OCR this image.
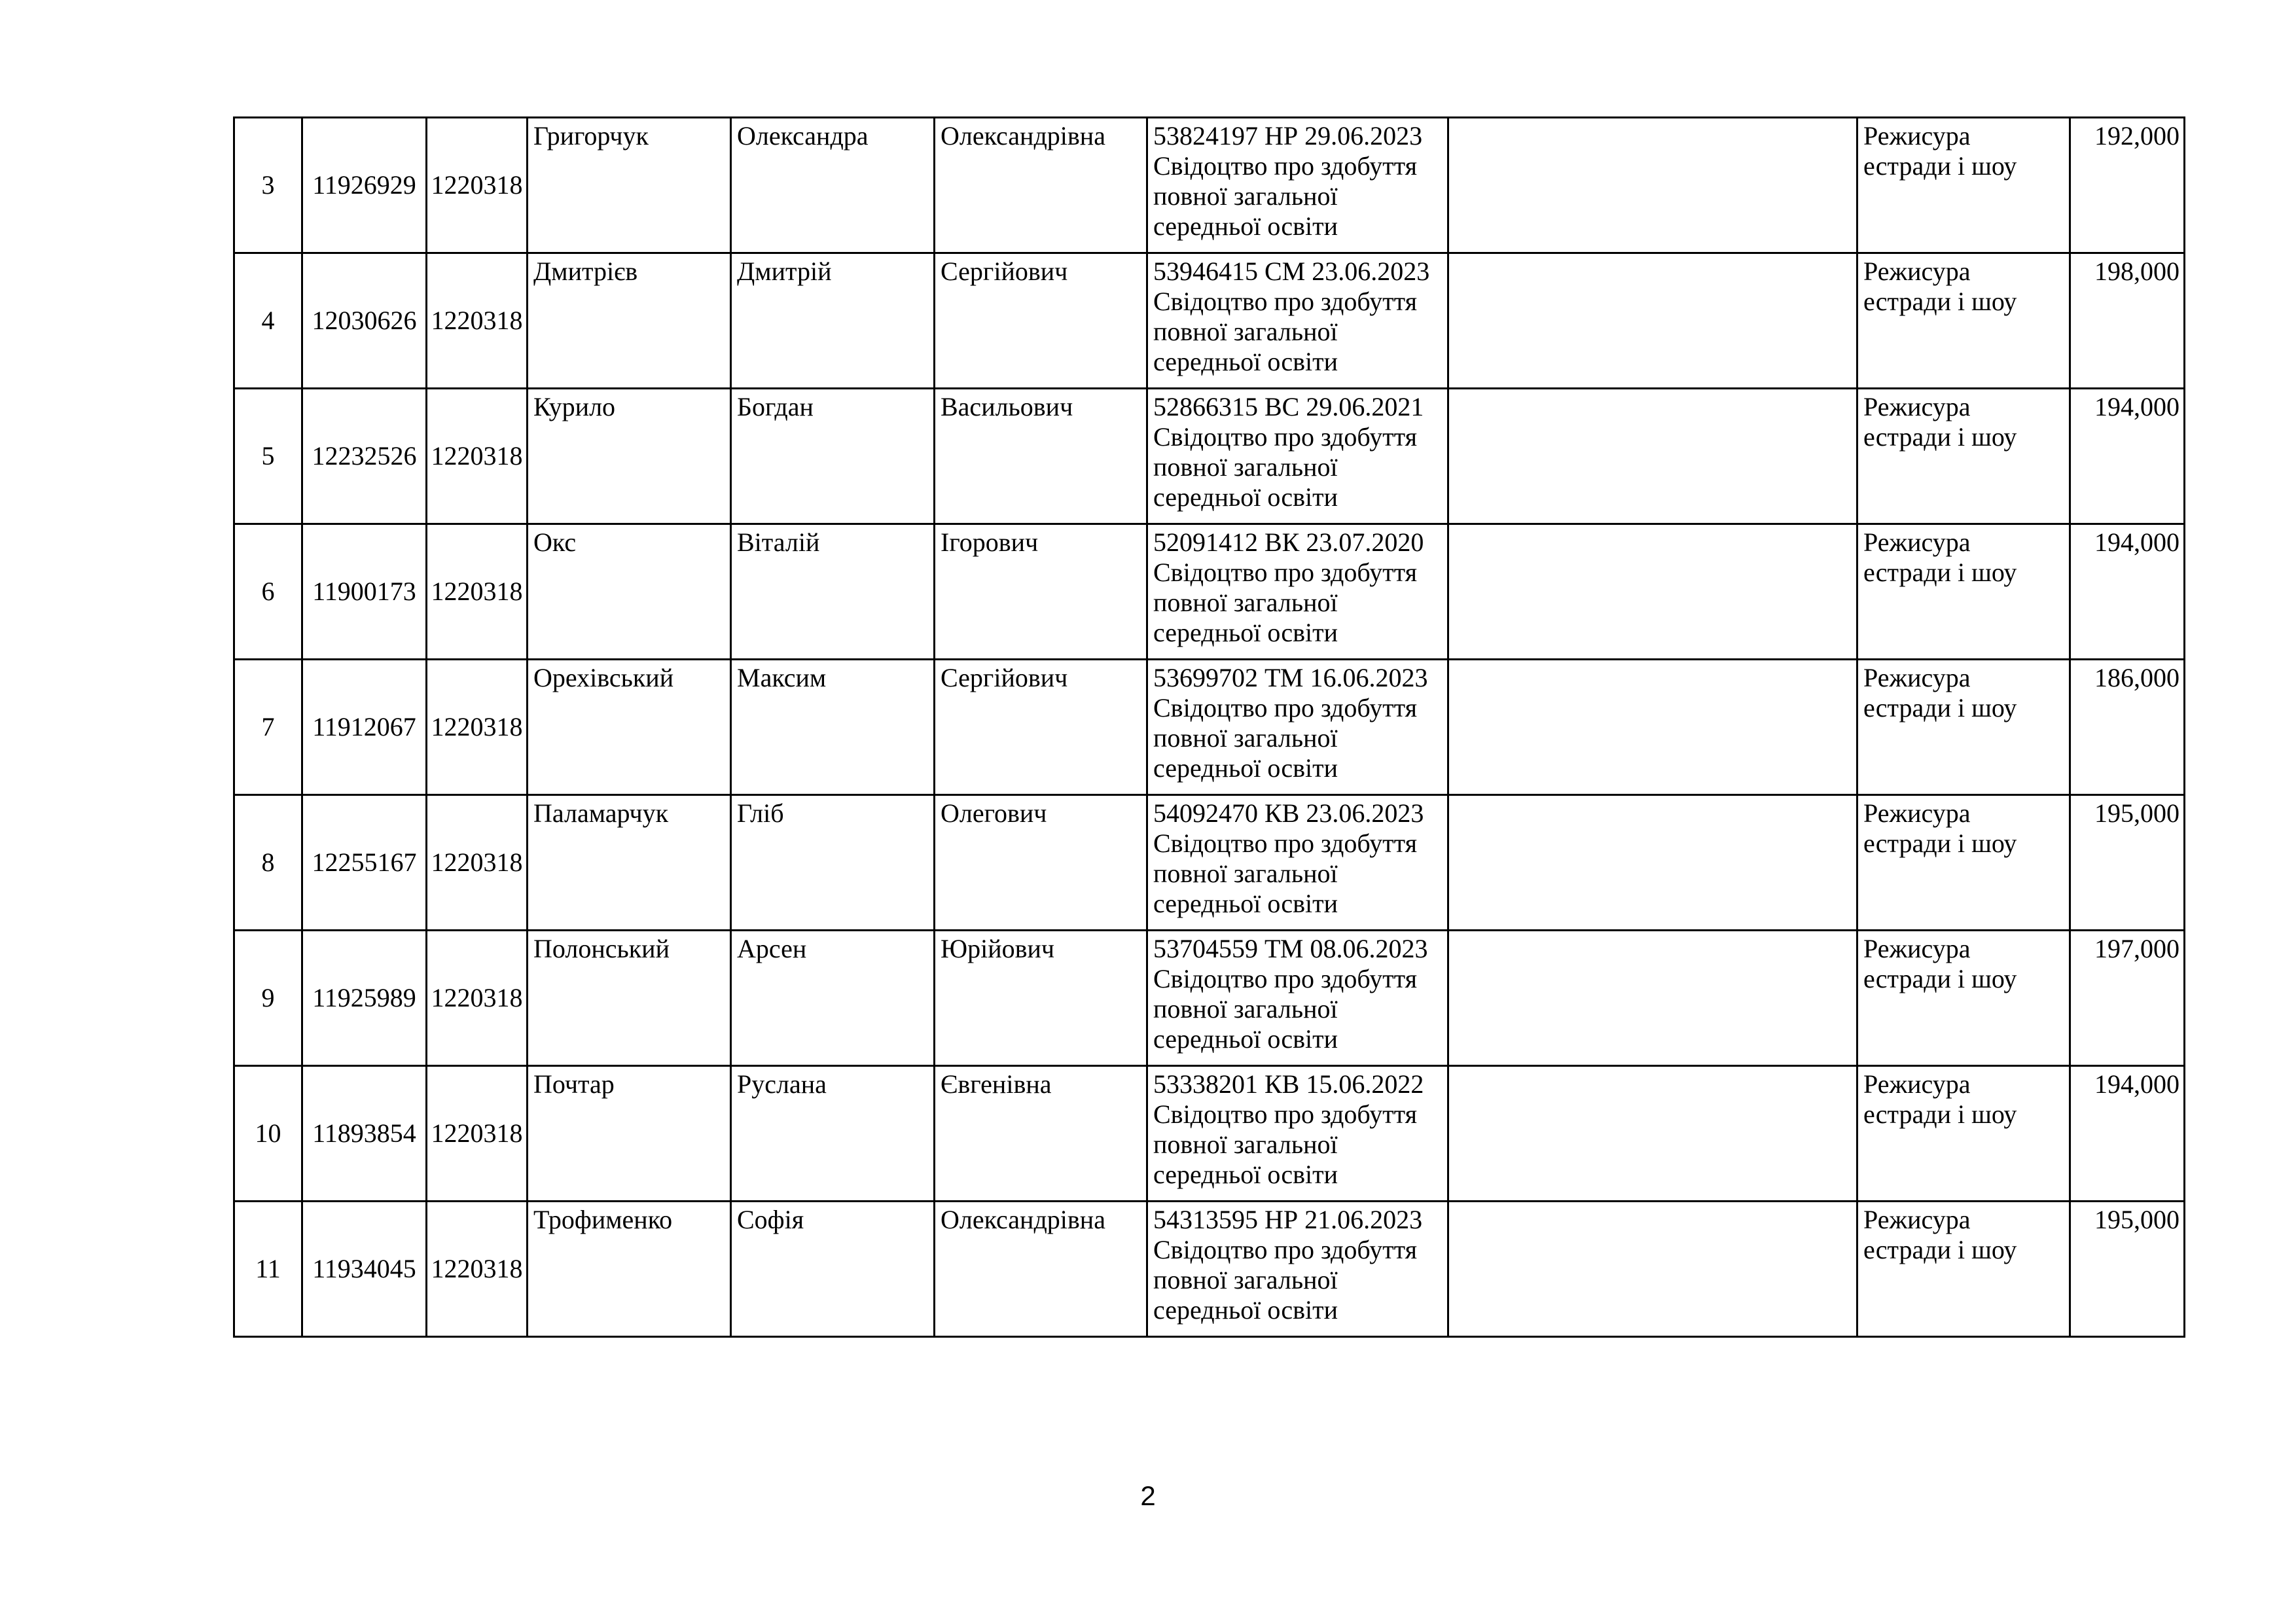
3	11926929	1220318	Григорчук	Олександра	Олександрівна	53824197 НР 29.06.2023
Свідоцтво про здобуття
повної загальної
середньої освіти		Режисура
естради і шоу	192,000
4	12030626	1220318	Дмитрієв	Дмитрій	Сергійович	53946415 СМ 23.06.2023
Свідоцтво про здобуття
повної загальної
середньої освіти		Режисура
естради і шоу	198,000
5	12232526	1220318	Курило	Богдан	Васильович	52866315 ВС 29.06.2021
Свідоцтво про здобуття
повної загальної
середньої освіти		Режисура
естради і шоу	194,000
6	11900173	1220318	Окс	Віталій	Ігорович	52091412 ВК 23.07.2020
Свідоцтво про здобуття
повної загальної
середньої освіти		Режисура
естради і шоу	194,000
7	11912067	1220318	Орехівський	Максим	Сергійович	53699702 ТМ 16.06.2023
Свідоцтво про здобуття
повної загальної
середньої освіти		Режисура
естради і шоу	186,000
8	12255167	1220318	Паламарчук	Гліб	Олегович	54092470 КВ 23.06.2023
Свідоцтво про здобуття
повної загальної
середньої освіти		Режисура
естради і шоу	195,000
9	11925989	1220318	Полонський	Арсен	Юрійович	53704559 ТМ 08.06.2023
Свідоцтво про здобуття
повної загальної
середньої освіти		Режисура
естради і шоу	197,000
10	11893854	1220318	Почтар	Руслана	Євгенівна	53338201 КВ 15.06.2022
Свідоцтво про здобуття
повної загальної
середньої освіти		Режисура
естради і шоу	194,000
11	11934045	1220318	Трофименко	Софія	Олександрівна	54313595 НР 21.06.2023
Свідоцтво про здобуття
повної загальної
середньої освіти		Режисура
естради і шоу	195,000
2
